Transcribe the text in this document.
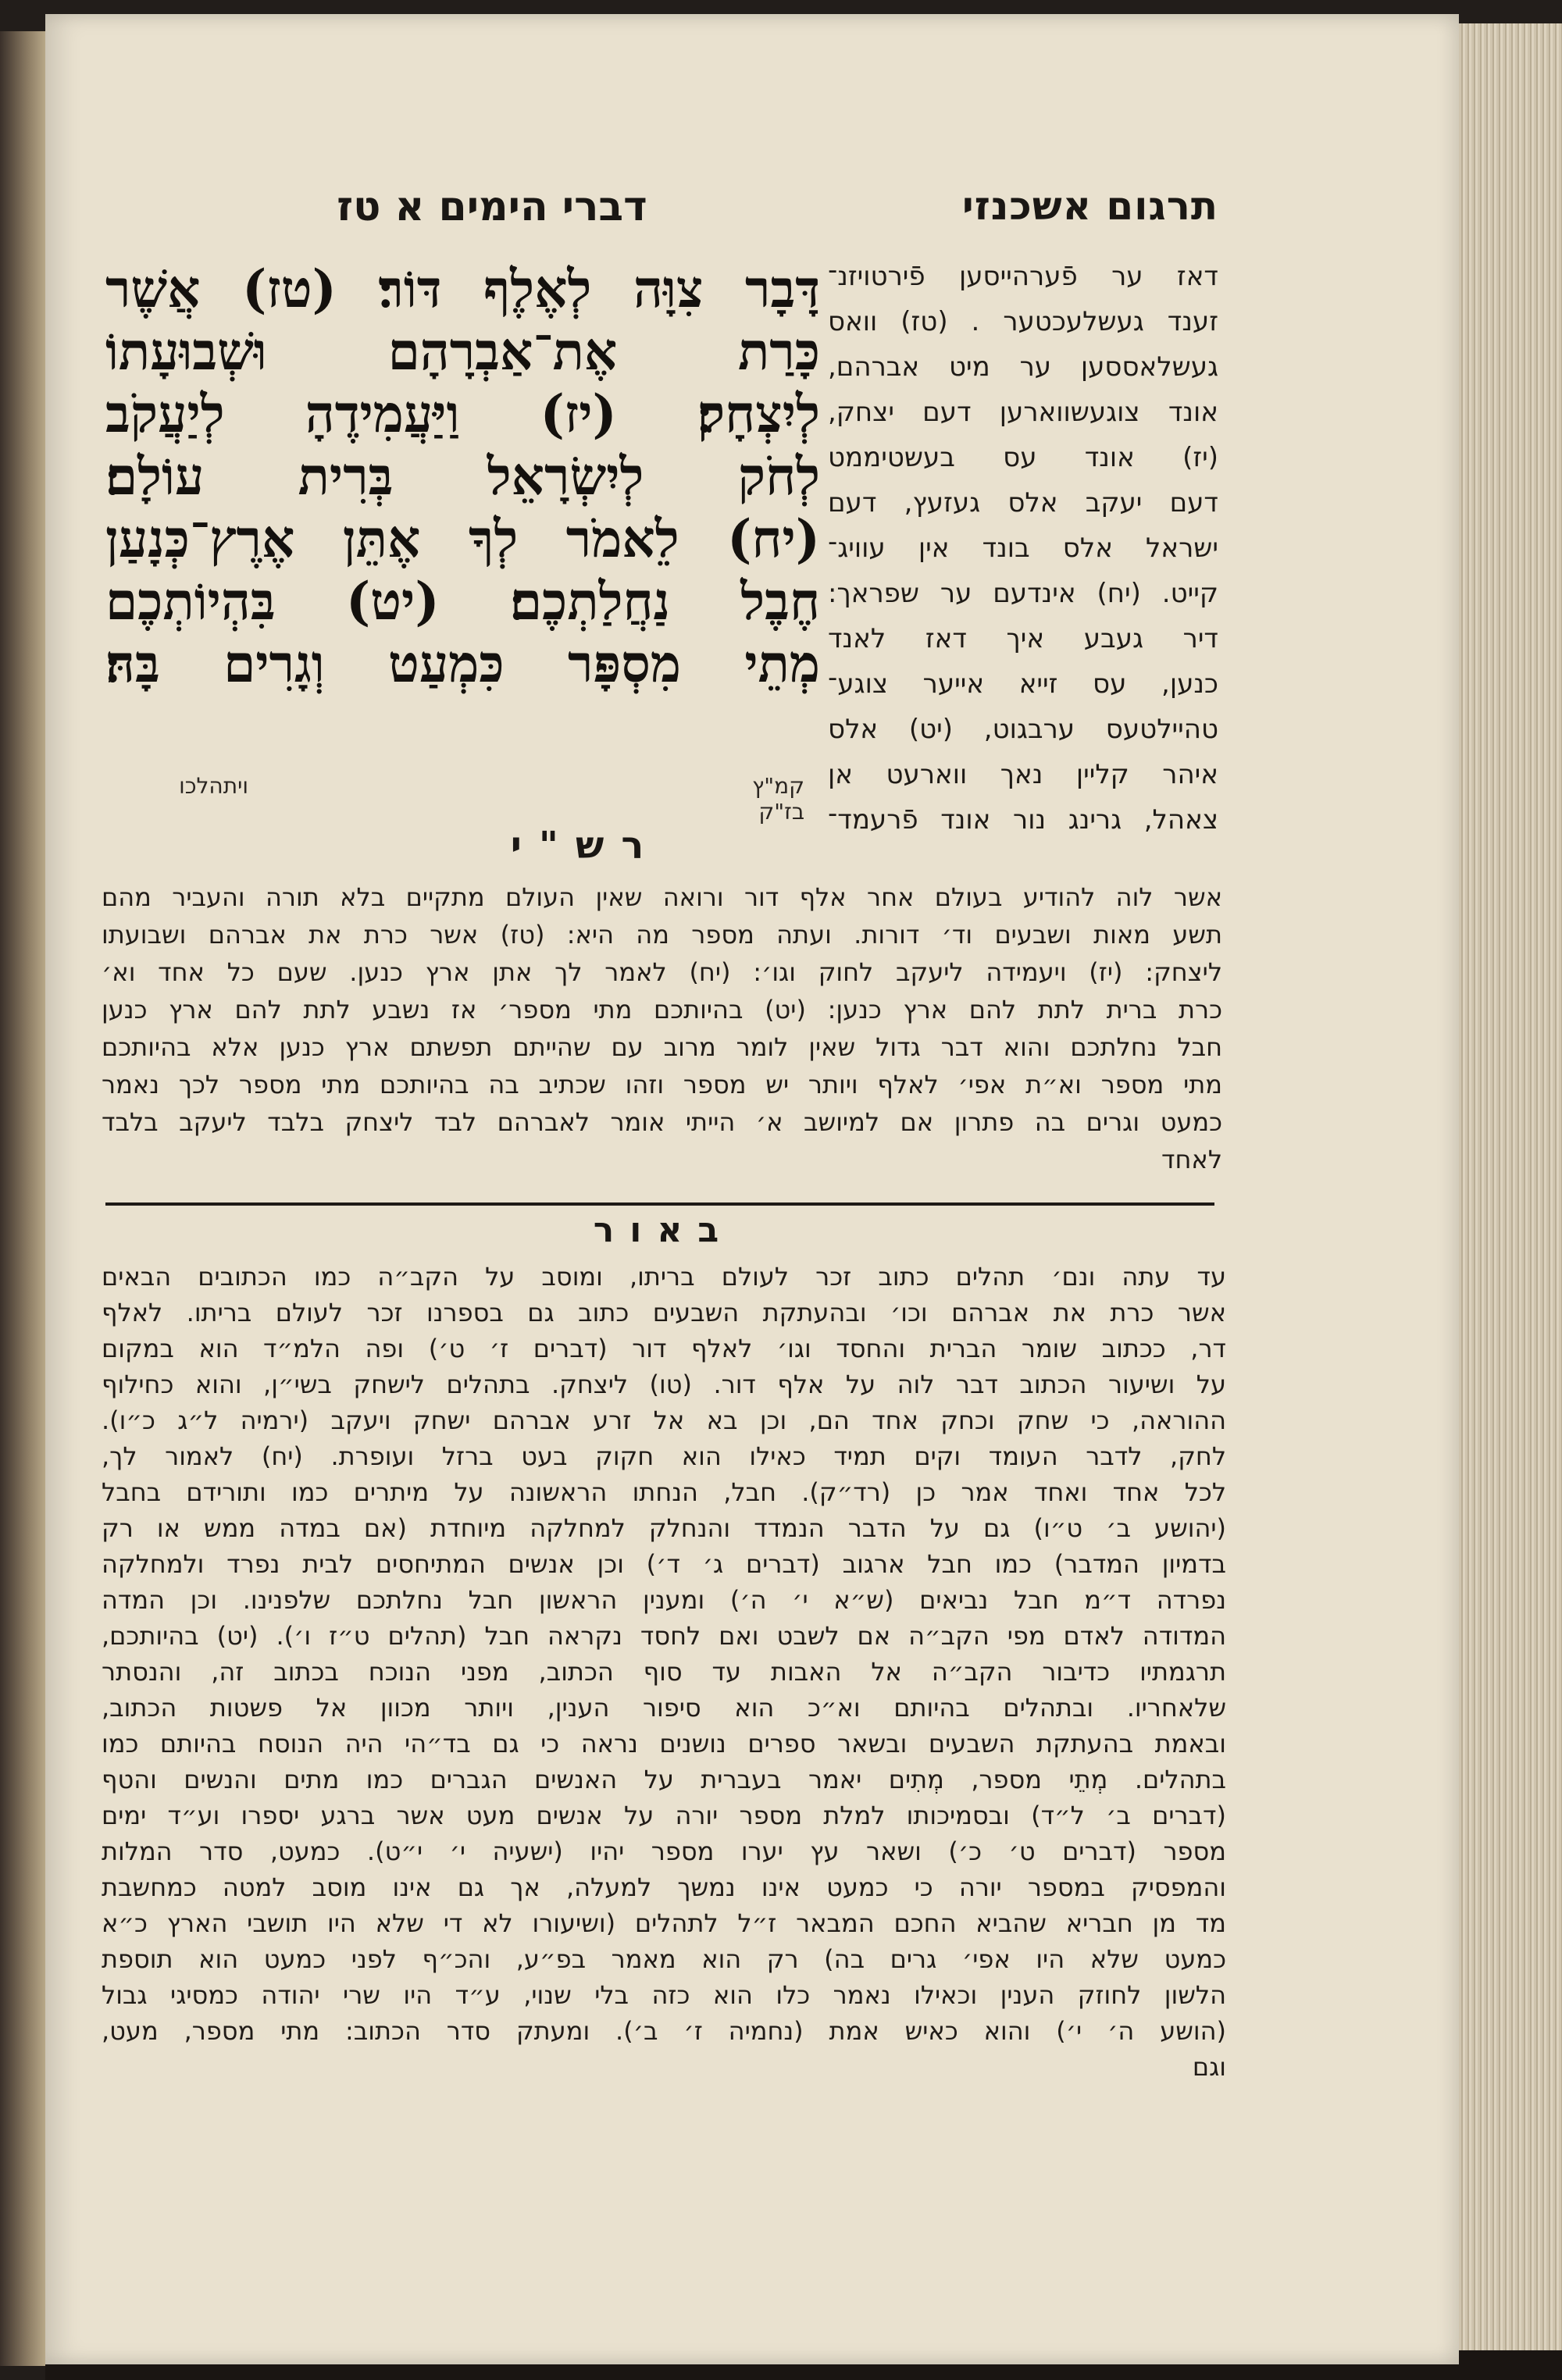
תרגום אשכנזי
דברי הימים א טז
דָּבָר צִוָּה לְאֶלֶף דּוֹר׃ (טז) אֲשֶׁר
כָּרַת אֶת־אַבְרָהָם וּשְׁבוּעָתוֹ
לְיִצְחָק׃ (יז) וַיַּעֲמִידֶהָ לְיַעֲקֹב
לְחֹק לְיִשְׂרָאֵל בְּרִית עוֹלָם׃
(יח) לֵאמֹר לְךָ אֶתֵּן אֶרֶץ־כְּנָעַן
חֶבֶל נַחֲלַתְכֶם׃ (יט) בִּהְיוֹתְכֶם
מְתֵי מִסְפָּר כִּמְעַט וְגָרִים בָּהּ׃
דאז ער פֿערהייסען פֿירטויזנ־
זענד געשלעכטער . (טז) וואס
געשלאססען ער מיט אברהם,
אונד צוגעשווארען דעם יצחק,
(יז) אונד עס בעשטיממט
דעם יעקב אלס געזעץ, דעם
ישראל אלס בונד אין עוויג־
קייט. (יח) אינדעם ער שפראך:
דיר געבע איך דאז לאנד
כנען, עס זייא אייער צוגע־
טהיילטעס ערבגוט, (יט) אלס
איהר קליין נאך ווארעט אן
צאהל, גרינג נור אונד פֿרעמד־
ויתהלכו	קמ"ץ בז"ק
רש"י
אשר לוה להודיע בעולם אחר אלף דור ורואה שאין העולם מתקיים בלא תורה והעביר מהם
תשע מאות ושבעים וד׳ דורות. ועתה מספר מה היא: (טז) אשר כרת את אברהם ושבועתו
ליצחק: (יז) ויעמידה ליעקב לחוק וגו׳: (יח) לאמר לך אתן ארץ כנען. שעם כל אחד וא׳
כרת ברית לתת להם ארץ כנען: (יט) בהיותכם מתי מספר׳ אז נשבע לתת להם ארץ כנען
חבל נחלתכם והוא דבר גדול שאין לומר מרוב עם שהייתם תפשתם ארץ כנען אלא בהיותכם
מתי מספר וא״ת אפי׳ לאלף ויותר יש מספר וזהו שכתיב בה בהיותכם מתי מספר לכך נאמר
כמעט וגרים בה פתרון אם למיושב א׳ הייתי אומר לאברהם לבד ליצחק בלבד ליעקב בלבד
לאחד
באור
עד עתה ונם׳ תהלים כתוב זכר לעולם בריתו, ומוסב על הקב״ה כמו הכתובים הבאים
אשר כרת את אברהם וכו׳ ובהעתקת השבעים כתוב גם בספרנו זכר לעולם בריתו. לאלף
דר, ככתוב שומר הברית והחסד וגו׳ לאלף דור (דברים ז׳ ט׳) ופה הלמ״ד הוא במקום
על ושיעור הכתוב דבר לוה על אלף דור. (טו) ליצחק. בתהלים לישחק בשי״ן, והוא כחילוף
ההוראה, כי שחק וכחק אחד הם, וכן בא אל זרע אברהם ישחק ויעקב (ירמיה ל״ג כ״ו).
לחק, לדבר העומד וקים תמיד כאילו הוא חקוק בעט ברזל ועופרת. (יח) לאמור לך,
לכל אחד ואחד אמר כן (רד״ק). חבל, הנחתו הראשונה על מיתרים כמו ותורידם בחבל
(יהושע ב׳ ט״ו) גם על הדבר הנמדד והנחלק למחלקה מיוחדת (אם במדה ממש או רק
בדמיון המדבר) כמו חבל ארגוב (דברים ג׳ ד׳) וכן אנשים המתיחסים לבית נפרד ולמחלקה
נפרדה ד״מ חבל נביאים (ש״א י׳ ה׳) ומענין הראשון חבל נחלתכם שלפנינו. וכן המדה
המדודה לאדם מפי הקב״ה אם לשבט ואם לחסד נקראה חבל (תהלים ט״ז ו׳). (יט) בהיותכם,
תרגמתיו כדיבור הקב״ה אל האבות עד סוף הכתוב, מפני הנוכח בכתוב זה, והנסתר
שלאחריו. ובתהלים בהיותם וא״כ הוא סיפור הענין, ויותר מכוון אל פשטות הכתוב,
ובאמת בהעתקת השבעים ובשאר ספרים נושנים נראה כי גם בד״הי היה הנוסח בהיותם כמו
בתהלים. מְתֵי מספר, מְתִים יאמר בעברית על האנשים הגברים כמו מתים והנשים והטף
(דברים ב׳ ל״ד) ובסמיכותו למלת מספר יורה על אנשים מעט אשר ברגע יספרו וע״ד ימים
מספר (דברים ט׳ כ׳) ושאר עץ יערו מספר יהיו (ישעיה י׳ י״ט). כמעט, סדר המלות
והמפסיק במספר יורה כי כמעט אינו נמשך למעלה, אך גם אינו מוסב למטה כמחשבת
מד מן חבריא שהביא החכם המבאר ז״ל לתהלים (ושיעורו לא די שלא היו תושבי הארץ כ״א
כמעט שלא היו אפי׳ גרים בה) רק הוא מאמר בפ״ע, והכ״ף לפני כמעט הוא תוספת
הלשון לחוזק הענין וכאילו נאמר כלו הוא כזה בלי שנוי, ע״ד היו שרי יהודה כמסיגי גבול
(הושע ה׳ י׳) והוא כאיש אמת (נחמיה ז׳ ב׳). ומעתק סדר הכתוב: מתי מספר, מעט,
וגם
